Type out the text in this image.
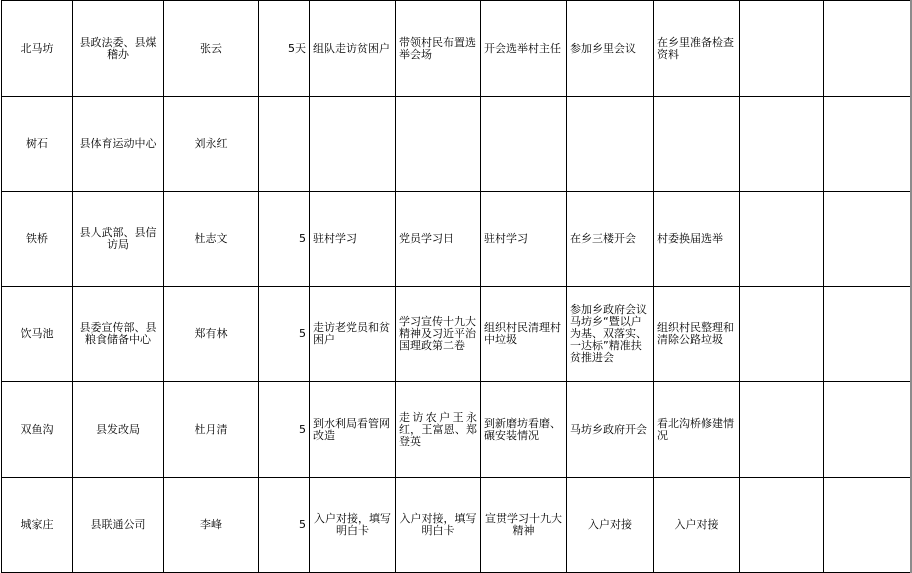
北马坊	县政法委、县煤稽办	张云	5天	组队走访贫困户	带领村民布置选举会场	开会选举村主任	参加乡里会议	在乡里准备检查资料		
树石	县体育运动中心	刘永红								
铁桥	县人武部、县信访局	杜志文	5	驻村学习	党员学习日	驻村学习	在乡三楼开会	村委换届选举		
饮马池	县委宣传部、县粮食储备中心	郑有林	5	走访老党员和贫困户	学习宣传十九大精神及习近平治国理政第二卷	组织村民清理村中垃圾	参加乡政府会议马坊乡“暨以户为基、双落实、一达标”精准扶贫推进会	组织村民整理和清除公路垃圾		
双鱼沟	县发改局	杜月清	5	到水利局看管网改造	走访农户王永红，王富恩、郑登英	到新磨坊看磨、碾安装情况	马坊乡政府开会	看北沟桥修建情况		
城家庄	县联通公司	李峰	5	入户对接，填写明白卡	入户对接，填写明白卡	宣贯学习十九大精神	入户对接	入户对接		
